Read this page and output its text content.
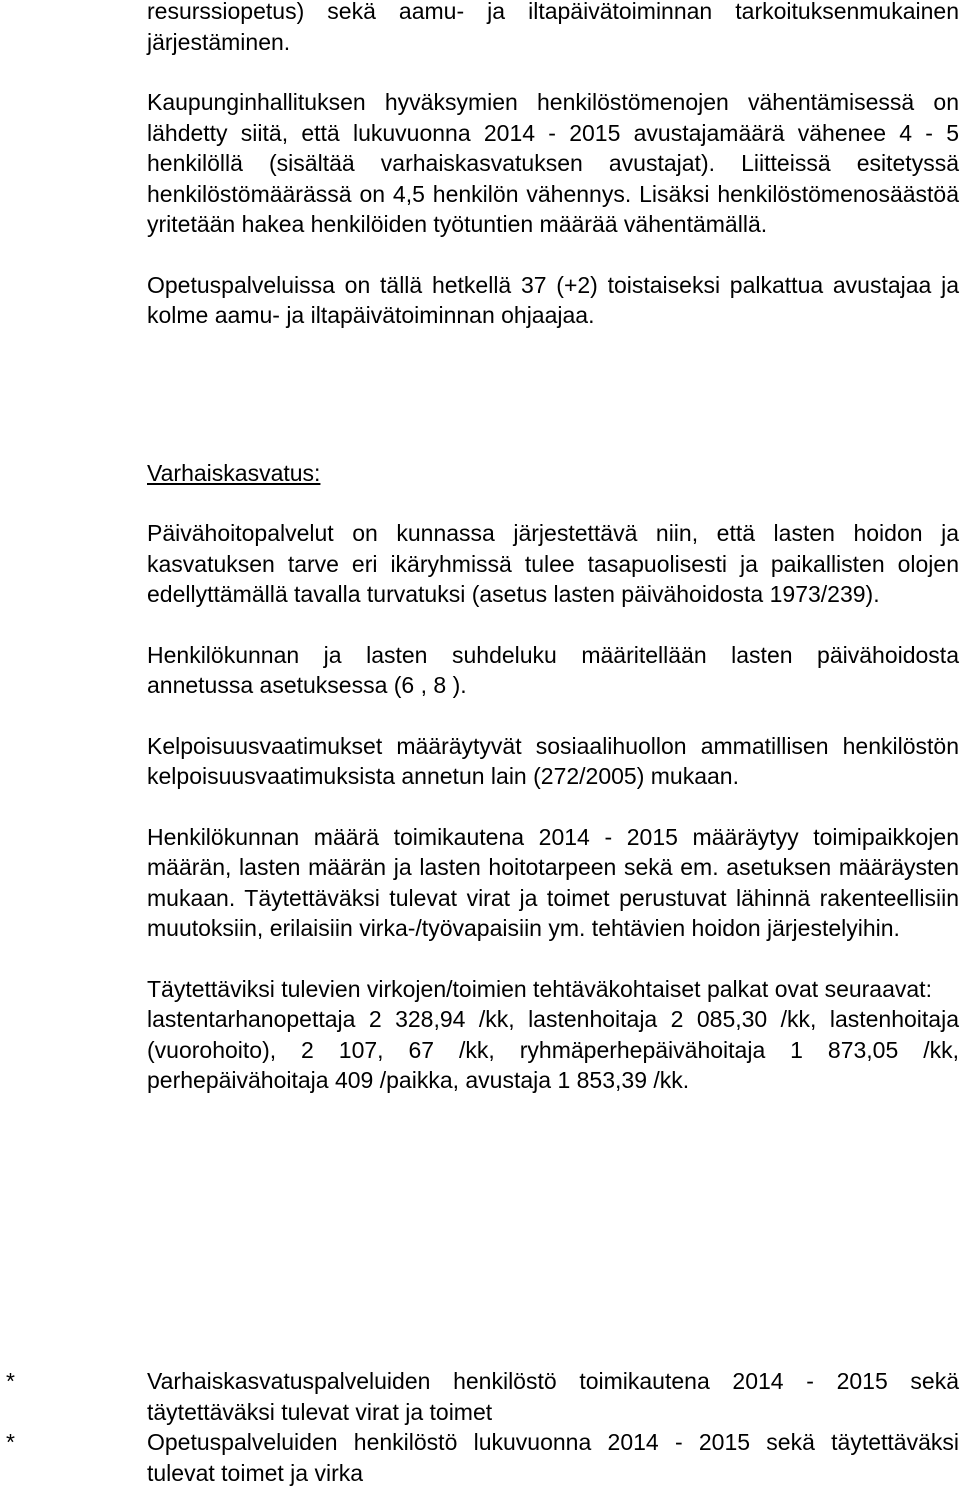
resurssiopetus) sekä aamu- ja iltapäivätoiminnan tarkoituksenmukainen järjestäminen.

Kaupunginhallituksen hyväksymien henkilöstömenojen vähentämisessä on lähdetty siitä, että lukuvuonna 2014 - 2015 avustajamäärä vähenee 4 - 5 henkilöllä (sisältää varhaiskasvatuksen avustajat). Liitteissä esitetyssä henkilöstömäärässä on 4,5 henkilön vähennys. Lisäksi henkilöstömenosäästöä yritetään hakea henkilöiden työtuntien määrää vähentämällä.

Opetuspalveluissa on tällä hetkellä 37 (+2) toistaiseksi palkattua avustajaa ja kolme aamu- ja iltapäivätoiminnan ohjaajaa.

Varhaiskasvatus:

Päivähoitopalvelut on kunnassa järjestettävä niin, että lasten hoidon ja kasvatuksen tarve eri ikäryhmissä tulee tasapuolisesti ja paikallisten olojen edellyttämällä tavalla turvatuksi (asetus lasten päivähoidosta 1973/239).

Henkilökunnan ja lasten suhdeluku määritellään lasten päivähoidosta annetussa asetuksessa (6 , 8 ).

Kelpoisuusvaatimukset määräytyvät sosiaalihuollon ammatillisen henkilöstön kelpoisuusvaatimuksista annetun lain (272/2005) mukaan.

Henkilökunnan määrä toimikautena 2014 - 2015 määräytyy toimipaikkojen määrän, lasten määrän ja lasten hoitotarpeen sekä em. asetuksen määräysten mukaan. Täytettäväksi tulevat virat ja toimet perustuvat lähinnä rakenteellisiin muutoksiin, erilaisiin virka-/työvapaisiin ym. tehtävien hoidon järjestelyihin.

Täytettäviksi tulevien virkojen/toimien tehtäväkohtaiset palkat ovat seuraavat:

lastentarhanopettaja 2 328,94 /kk, lastenhoitaja 2 085,30 /kk, lastenhoitaja (vuorohoito), 2 107, 67 /kk, ryhmäperhepäivähoitaja 1 873,05 /kk, perhepäivähoitaja 409 /paikka, avustaja 1 853,39 /kk.

*	Varhaiskasvatuspalveluiden henkilöstö toimikautena 2014 - 2015 sekä täytettäväksi tulevat virat ja toimet

*	Opetuspalveluiden henkilöstö lukuvuonna 2014 - 2015 sekä täytettäväksi tulevat toimet ja virka
